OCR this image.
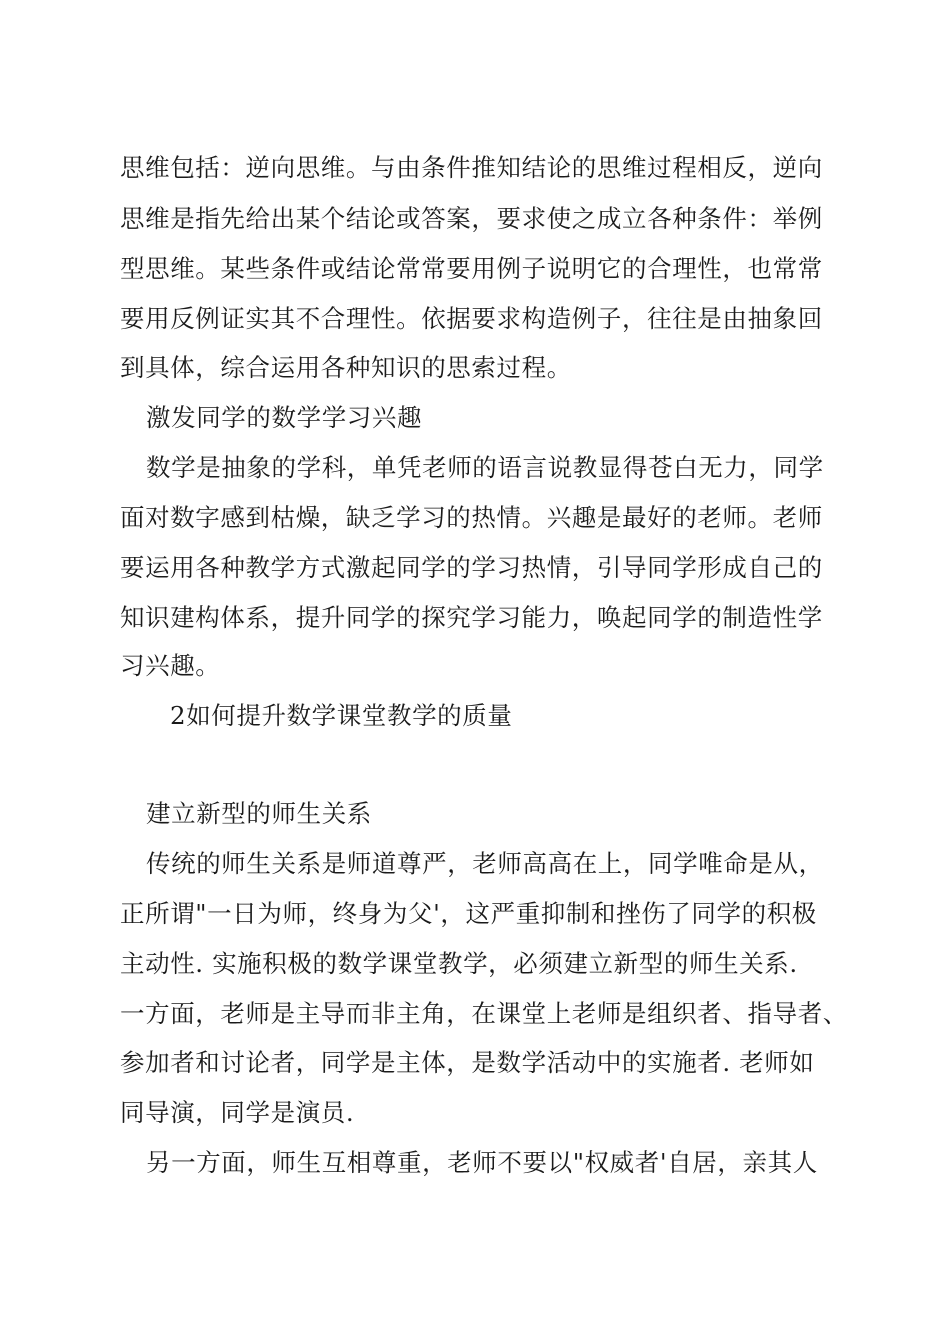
思维包括：逆向思维。与由条件推知结论的思维过程相反，逆向
思维是指先给出某个结论或答案，要求使之成立各种条件：举例
型思维。某些条件或结论常常要用例子说明它的合理性，也常常
要用反例证实其不合理性。依据要求构造例子，往往是由抽象回
到具体，综合运用各种知识的思索过程。
激发同学的数学学习兴趣
数学是抽象的学科，单凭老师的语言说教显得苍白无力，同学
面对数字感到枯燥，缺乏学习的热情。兴趣是最好的老师。老师
要运用各种教学方式激起同学的学习热情，引导同学形成自己的
知识建构体系，提升同学的探究学习能力，唤起同学的制造性学
习兴趣。
2如何提升数学课堂教学的质量
建立新型的师生关系
传统的师生关系是师道尊严，老师高高在上，同学唯命是从，
正所谓"一日为师，终身为父'，这严重抑制和挫伤了同学的积极
主动性. 实施积极的数学课堂教学，必须建立新型的师生关系.
一方面，老师是主导而非主角，在课堂上老师是组织者、指导者、
参加者和讨论者，同学是主体，是数学活动中的实施者. 老师如
同导演，同学是演员.
另一方面，师生互相尊重，老师不要以"权威者'自居，亲其人
